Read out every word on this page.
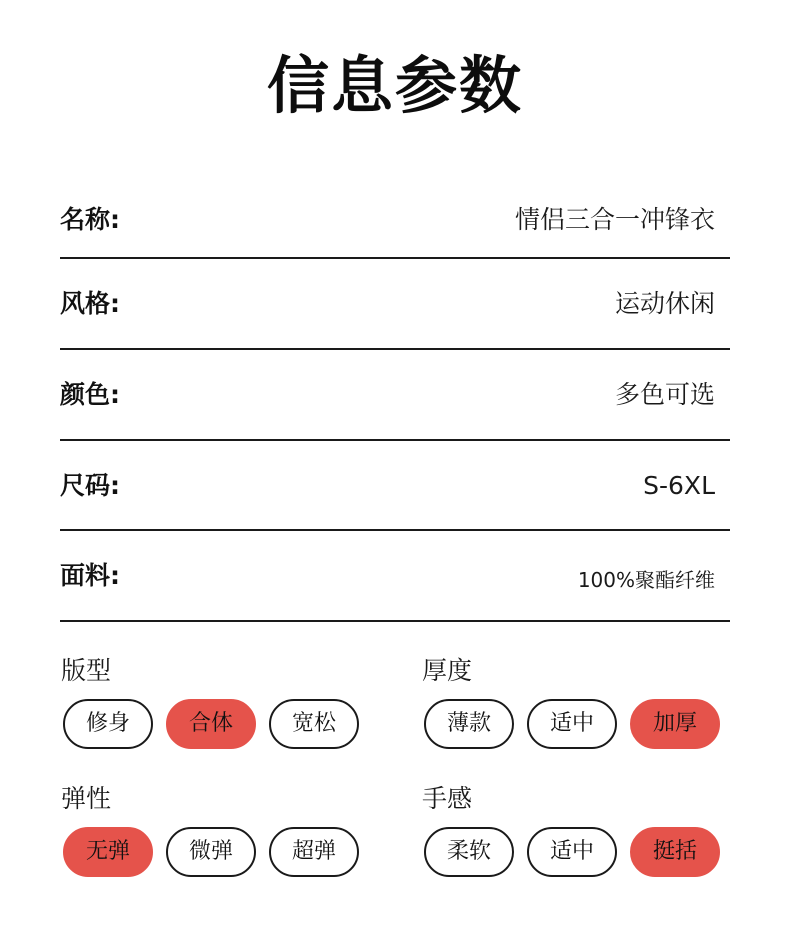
信息参数
名称:	情侣三合一冲锋衣
风格:	运动休闲
颜色:	多色可选
尺码:	S-6XL
面料:	100%聚酯纤维
版型
修身	合体	宽松
厚度
薄款	适中	加厚
弹性
无弹	微弹	超弹
手感
柔软	适中	挺括
